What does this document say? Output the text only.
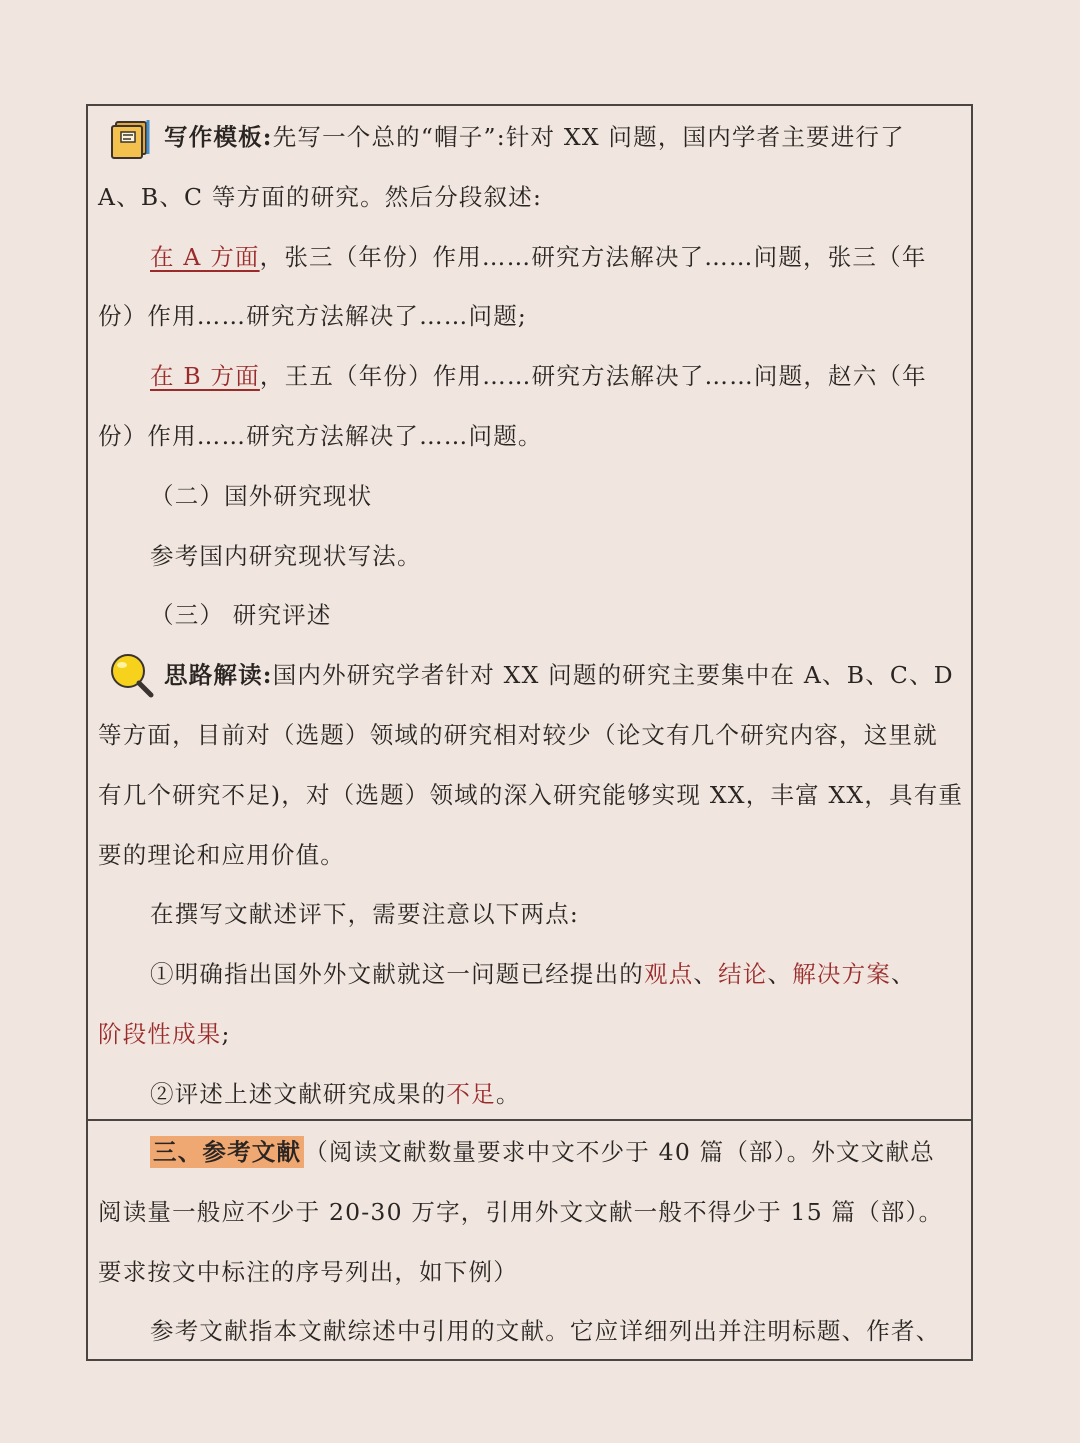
写作模板:先写一个总的“帽子”:针对 XX 问题，国内学者主要进行了
A、B、C 等方面的研究。然后分段叙述:
在 A 方面，张三（年份）作用……研究方法解决了……问题，张三（年
份）作用……研究方法解决了……问题;
在 B 方面，王五（年份）作用……研究方法解决了……问题，赵六（年
份）作用……研究方法解决了……问题。
（二）国外研究现状
参考国内研究现状写法。
（三） 研究评述
思路解读:国内外研究学者针对 XX 问题的研究主要集中在 A、B、C、D
等方面，目前对（选题）领域的研究相对较少（论文有几个研究内容，这里就
有几个研究不足)，对（选题）领域的深入研究能够实现 XX，丰富 XX，具有重
要的理论和应用价值。
在撰写文献述评下，需要注意以下两点:
①明确指出国外外文献就这一问题已经提出的观点、结论、解决方案、
阶段性成果;
②评述上述文献研究成果的不足。
三、参考文献 （阅读文献数量要求中文不少于 40 篇（部）。外文文献总
阅读量一般应不少于 20-30 万字，引用外文文献一般不得少于 15 篇（部）。
要求按文中标注的序号列出，如下例）
参考文献指本文献综述中引用的文献。它应详细列出并注明标题、作者、
